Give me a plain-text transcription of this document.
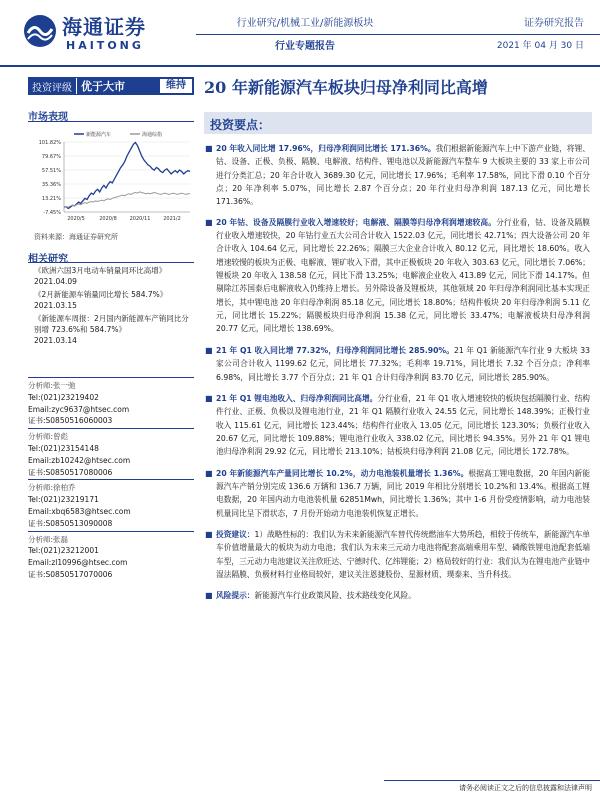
海通证券
HAITONG
行业研究/机械工业/新能源板块
行业专题报告
证券研究报告
2021 年 04 月 30 日
投资评级 优于大市	维持	20 年新能源汽车板块归母净利同比高增
市场表现
新能源汽车	海通综指
101.82%
79.67%
57.51%
35.36%
13.21%
-7.45%
2020/5	2020/8	2020/11	2021/2
资料来源：海通证券研究所
相关研究
《欧洲六国3月电动车销量同环比高增》
2021.04.09
《2月新能源车销量同比增长 584.7%》
2021.03.15
《新能源车周报：2月国内新能源车产销同比分别增 723.6%和 584.7%》
2021.03.14
分析师:张一弛
Tel:(021)23219402
Email:zyc9637@htsec.com
证书:S0850516060003
分析师:曾彪
Tel:(021)23154148
Email:zb10242@htsec.com
证书:S0850517080006
分析师:徐柏乔
Tel:(021)23219171
Email:xbq6583@htsec.com
证书:S0850513090008
分析师:张磊
Tel:(021)23212001
Email:zl10996@htsec.com
证书:S0850517070006
投资要点：
■ 20 年收入同比增 17.96%，归母净利润同比增长 171.36%。我们根据新能源汽车上中下游产业链，将锂、钴、设备、正极、负极、隔膜、电解液、结构件、锂电池以及新能源汽车整车 9 大板块主要的 33 家上市公司进行分类汇总；20 年合计收入 3689.30 亿元，同比增长 17.96%；毛利率 17.58%，同比下滑 0.10 个百分点；20 年净利率 5.07%，同比增长 2.87 个百分点；20 年行业归母净利润 187.13 亿元，同比增长 171.36%。
■ 20 年钴、设备及隔膜行业收入增速较好；电解液、隔膜等归母净利润增速较高。分行业看，钴、设备及隔膜行业收入增速较快，20 年钴行业五大公司合计收入 1522.03 亿元，同比增长 42.71%；四大设备公司 20 年合计收入 104.64 亿元，同比增长 22.26%；隔膜三大企业合计收入 80.12 亿元，同比增长 18.60%。收入增速较慢的板块为正极、电解液、锂矿收入下滑，其中正极板块 20 年收入 303.63 亿元，同比增长 7.06%；锂板块 20 年收入 138.58 亿元，同比下滑 13.25%；电解液企业收入 413.89 亿元，同比下滑 14.17%。但剔除江苏国泰后电解液收入仍维持上增长。另外除设备及锂板块，其他领域 20 年归母净利润同比基本实现正增长，其中锂电池 20 年归母净利润 85.18 亿元，同比增长 18.80%；结构件板块 20 年归母净利润 5.11 亿元，同比增长 15.22%；隔膜板块归母净利润 15.38 亿元，同比增长 33.47%；电解液板块归母净利润 20.77 亿元，同比增长 138.69%。
■ 21 年 Q1 收入同比增 77.32%，归母净利润同比增长 285.90%。21 年 Q1 新能源汽车行业 9 大板块 33 家公司合计收入 1199.62 亿元，同比增长 77.32%；毛利率 19.71%，同比增长 7.32 个百分点；净利率 6.98%，同比增长 3.77 个百分点；21 年 Q1 合计归母净利润 83.70 亿元，同比增长 285.90%。
■ 21 年 Q1 锂电池收入、归母净利润同比高增。分行业看，21 年 Q1 收入增速较快的板块包括隔膜行业、结构件行业、正极、负极以及锂电池行业，21 年 Q1 隔膜行业收入 24.55 亿元，同比增长 148.39%；正极行业收入 115.61 亿元，同比增长 123.44%；结构件行业收入 13.05 亿元，同比增长 123.30%；负极行业收入 20.67 亿元，同比增长 109.88%；锂电池行业收入 338.02 亿元，同比增长 94.35%。另外 21 年 Q1 锂电池归母净利润 29.92 亿元，同比增长 213.10%；钴板块归母净利润 21.08 亿元，同比增长 172.78%。
■ 20 年新能源汽车产量同比增长 10.2%，动力电池装机量增长 1.36%。根据高工锂电数据，20 年国内新能源汽车产销分别完成 136.6 万辆和 136.7 万辆，同比 2019 年相比分别增长 10.2%和 13.4%。根据高工锂电数据，20 年国内动力电池装机量 62851Mwh，同比增长 1.36%；其中 1-6 月份受疫情影响，动力电池装机量同比呈下滑状态，7 月份开始动力电池装机恢复正增长。
■ 投资建议：1）战略性标的：我们认为未来新能源汽车替代传统燃油车大势所趋，相较于传统车，新能源汽车单车价值增量最大的板块为动力电池；我们认为未来三元动力电池将配套高端乘用车型、磷酸铁锂电池配套低端车型，三元动力电池建议关注欣旺达、宁德时代、亿纬锂能；2）格局较好的行业：我们认为在锂电池产业链中湿法隔膜、负极材料行业格局较好，建议关注恩捷股份、星源材质、璞泰来、当升科技。
■ 风险提示：新能源汽车行业政策风险、技术路线变化风险。
请务必阅读正文之后的信息披露和法律声明
